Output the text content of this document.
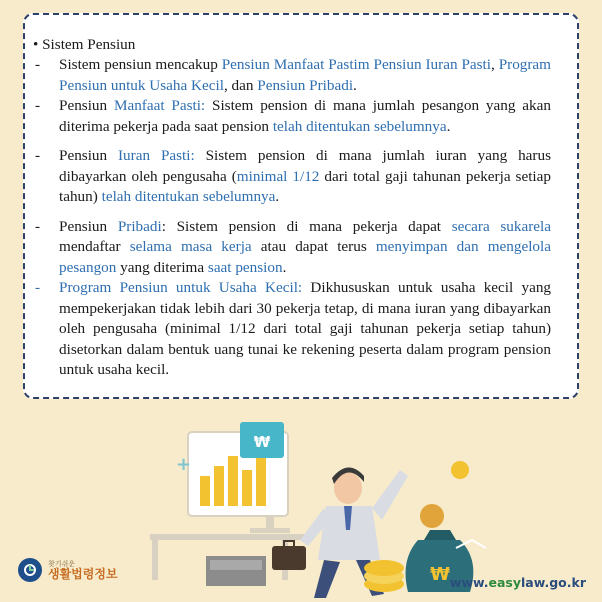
• Sistem Pensiun
-	Sistem pensiun mencakup Pensiun Manfaat Pastim Pensiun Iuran Pasti, Program Pensiun untuk Usaha Kecil, dan Pensiun Pribadi.
-	Pensiun Manfaat Pasti: Sistem pension di mana jumlah pesangon yang akan diterima pekerja pada saat pension telah ditentukan sebelumnya.
-	Pensiun Iuran Pasti: Sistem pension di mana jumlah iuran yang harus dibayarkan oleh pengusaha (minimal 1/12 dari total gaji tahunan pekerja setiap tahun) telah ditentukan sebelumnya.
-	Pensiun Pribadi: Sistem pension di mana pekerja dapat secara sukarela mendaftar selama masa kerja atau dapat terus menyimpan dan mengelola pesangon yang diterima saat pension.
-	Program Pensiun untuk Usaha Kecil: Dikhususkan untuk usaha kecil yang mempekerjakan tidak lebih dari 30 pekerja tetap, di mana iuran yang dibayarkan oleh pengusaha (minimal 1/12 dari total gaji tahunan pekerja setiap tahun) disetorkan dalam bentuk uang tunai ke rekening peserta dalam program pension untuk usaha kecil.
₩
+
₩
찾기쉬운
생활법령정보
www.easylaw.go.kr
